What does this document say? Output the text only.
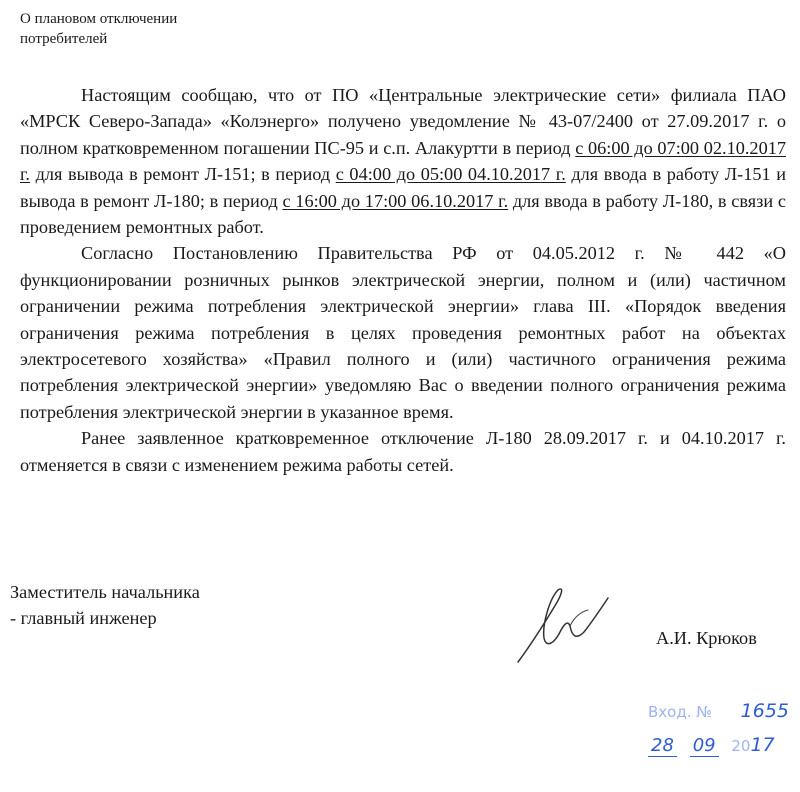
О плановом отключении
потребителей

Настоящим сообщаю, что от ПО «Центральные электрические сети» филиала ПАО «МРСК Северо-Запада» «Колэнерго» получено уведомление № 43-07/2400 от 27.09.2017 г. о полном кратковременном погашении ПС-95 и с.п. Алакуртти в период с 06:00 до 07:00 02.10.2017 г. для вывода в ремонт Л-151; в период с 04:00 до 05:00 04.10.2017 г. для ввода в работу Л-151 и вывода в ремонт Л-180; в период с 16:00 до 17:00 06.10.2017 г. для ввода в работу Л-180, в связи с проведением ремонтных работ.

Согласно Постановлению Правительства РФ от 04.05.2012 г. № 442 «О функционировании розничных рынков электрической энергии, полном и (или) частичном ограничении режима потребления электрической энергии» глава III. «Порядок введения ограничения режима потребления в целях проведения ремонтных работ на объектах электросетевого хозяйства» «Правил полного и (или) частичного ограничения режима потребления электрической энергии» уведомляю Вас о введении полного ограничения режима потребления электрической энергии в указанное время.

Ранее заявленное кратковременное отключение Л-180 28.09.2017 г. и 04.10.2017 г. отменяется в связи с изменением режима работы сетей.

Заместитель начальника
- главный инженер
А.И. Крюков
Вход. № 1655
28 09 2017
